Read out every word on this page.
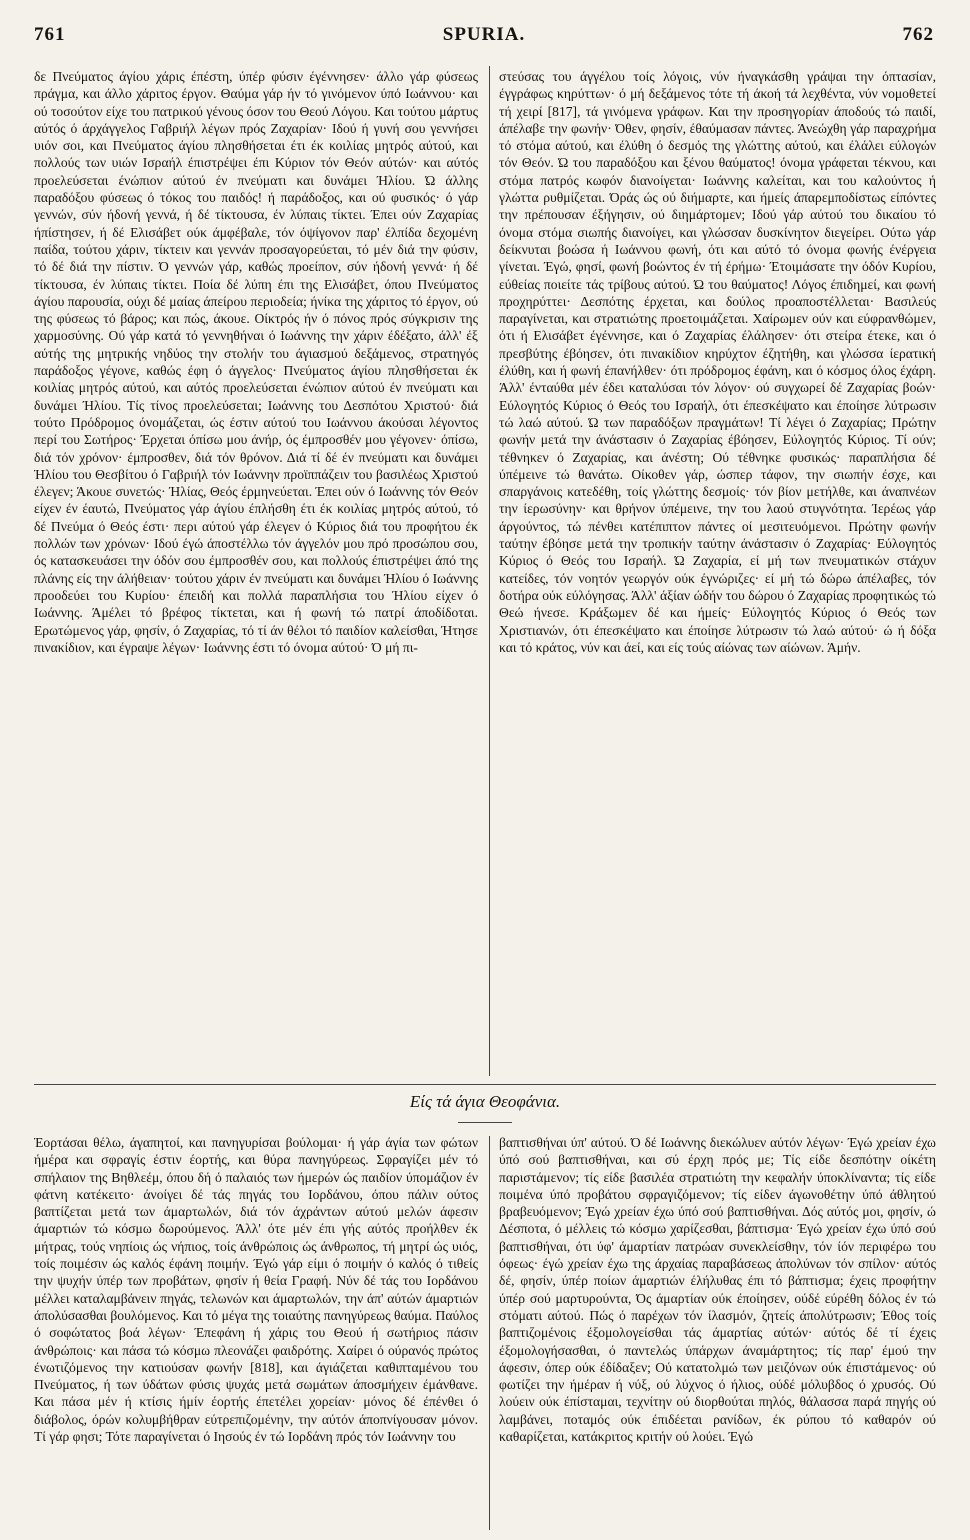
761	SPURIA.	762

δε Πνεύματος άγίου χάρις έπέστη, ύπέρ φύσιν έγέννησεν· άλλο γάρ φύσεως πράγμα, και άλλο χάριτος έργον. Θαύμα γάρ ήν τό γινόμενον ύπό Ιωάννου· και ού τοσούτον είχε του πατρικού γένους όσον του Θεού Λόγου. Και τούτου μάρτυς αύτός ό άρχάγγελος Γαβριήλ λέγων πρός Ζαχαρίαν· Ιδού ή γυνή σου γεννήσει υιόν σοι, και Πνεύματος άγίου πλησθήσεται έτι έκ κοιλίας μητρός αύτού, και πολλούς των υιών Ισραήλ έπιστρέψει έπι Κύριον τόν Θεόν αύτών· και αύτός προελεύσεται ένώπιον αύτού έν πνεύματι και δυνάμει Ήλίου. Ώ άλλης παραδόξου φύσεως ό τόκος του παιδός! ή παράδοξος, και ού φυσικός· ό γάρ γεννών, σύν ήδονή γεννά, ή δέ τίκτουσα, έν λύπαις τίκτει. Έπει ούν Ζαχαρίας ήπίστησεν, ή δέ Ελισάβετ ούκ άμφέβαλε, τόν όψίγονον παρ' έλπίδα δεχομένη παίδα, τούτου χάριν, τίκτειν και γεννάν προσαγορεύεται, τό μέν διά την φύσιν, τό δέ διά την πίστιν. Ό γεννών γάρ, καθώς προείπον, σύν ήδονή γεννά· ή δέ τίκτουσα, έν λύπαις τίκτει. Ποία δέ λύπη έπι της Ελισάβετ, όπου Πνεύματος άγίου παρουσία, ούχι δέ μαίας άπείρου περιοδεία; ήνίκα της χάριτος τό έργον, ού της φύσεως τό βάρος; και πώς, άκουε. Οίκτρός ήν ό πόνος πρός σύγκρισιν της χαρμοσύνης. Ού γάρ κατά τό γεννηθήναι ό Ιωάννης την χάριν έδέξατο, άλλ' έξ αύτής της μητρικής νηδύος την στολήν του άγιασμού δεξάμενος, στρατηγός παράδοξος γέγονε, καθώς έφη ό άγγελος· Πνεύματος άγίου πλησθήσεται έκ κοιλίας μητρός αύτού, και αύτός προελεύσεται ένώπιον αύτού έν πνεύματι και δυνάμει Ήλίου. Τίς τίνος προελεύσεται; Ιωάννης του Δεσπότου Χριστού· διά τούτο Πρόδρομος όνομάζεται, ώς έστιν αύτού του Ιωάννου άκούσαι λέγοντος περί του Σωτήρος· Έρχεται όπίσω μου άνήρ, ός έμπροσθέν μου γέγονεν· όπίσω, διά τόν χρόνον· έμπροσθεν, διά τόν θρόνον. Διά τί δέ έν πνεύματι και δυνάμει Ήλίου του Θεσβίτου ό Γαβριήλ τόν Ιωάννην προϊππάζειν του βασιλέως Χριστού έλεγεν; Άκουε συνετώς· Ήλίας, Θεός έρμηνεύεται. Έπει ούν ό Ιωάννης τόν Θεόν είχεν έν έαυτώ, Πνεύματος γάρ άγίου έπλήσθη έτι έκ κοιλίας μητρός αύτού, τό δέ Πνεύμα ό Θεός έστι· περι αύτού γάρ έλεγεν ό Κύριος διά του προφήτου έκ πολλών των χρόνων· Ιδού έγώ άποστέλλω τόν άγγελόν μου πρό προσώπου σου, ός κατασκευάσει την όδόν σου έμπροσθέν σου, και πολλούς έπιστρέψει άπό της πλάνης είς την άλήθειαν· τούτου χάριν έν πνεύματι και δυνάμει Ήλίου ό Ιωάννης προοδεύει του Κυρίου· έπειδή και πολλά παραπλήσια του Ήλίου είχεν ό Ιωάννης. Άμέλει τό βρέφος τίκτεται, και ή φωνή τώ πατρί άποδίδοται. Ερωτώμενος γάρ, φησίν, ό Ζαχαρίας, τό τί άν θέλοι τό παιδίον καλείσθαι, Ήτησε πινακίδιον, και έγραψε λέγων· Ιωάννης έστι τό όνομα αύτού· Ό μή πι-

στεύσας του άγγέλου τοίς λόγοις, νύν ήναγκάσθη γράψαι την όπτασίαν, έγγράφως κηρύττων· ό μή δεξάμενος τότε τή άκοή τά λεχθέντα, νύν νομοθετεί τή χειρί [817], τά γινόμενα γράφων. Και την προσηγορίαν άποδούς τώ παιδί, άπέλαβε την φωνήν· Όθεν, φησίν, έθαύμασαν πάντες. Άνεώχθη γάρ παραχρήμα τό στόμα αύτού, και έλύθη ό δεσμός της γλώττης αύτού, και έλάλει εύλογών τόν Θεόν. Ώ του παραδόξου και ξένου θαύματος! όνομα γράφεται τέκνου, και στόμα πατρός κωφόν διανοίγεται· Ιωάννης καλείται, και του καλούντος ή γλώττα ρυθμίζεται. Όράς ώς ού διήμαρτε, και ήμείς άπαρεμποδίστως είπόντες την πρέπουσαν έξήγησιν, ού διημάρτομεν; Ιδού γάρ αύτού του δικαίου τό όνομα στόμα σιωπής διανοίγει, και γλώσσαν δυσκίνητον διεγείρει. Ούτω γάρ δείκνυται βοώσα ή Ιωάννου φωνή, ότι και αύτό τό όνομα φωνής ένέργεια γίνεται. Έγώ, φησί, φωνή βοώντος έν τή έρήμω· Έτοιμάσατε την όδόν Κυρίου, εύθείας ποιείτε τάς τρίβους αύτού. Ώ του θαύματος! Λόγος έπιδημεί, και φωνή προχηρύττει· Δεσπότης έρχεται, και δούλος προαποστέλλεται· Βασιλεύς παραγίνεται, και στρατιώτης προετοιμάζεται. Χαίρωμεν ούν και εύφρανθώμεν, ότι ή Ελισάβετ έγέννησε, και ό Ζαχαρίας έλάλησεν· ότι στείρα έτεκε, και ό πρεσβύτης έβόησεν, ότι πινακίδιον κηρύχτον έζητήθη, και γλώσσα ίερατική έλύθη, και ή φωνή έπανήλθεν· ότι πρόδρομος έφάνη, και ό κόσμος όλος έχάρη. Άλλ' ένταύθα μέν έδει καταλύσαι τόν λόγον· ού συγχωρεί δέ Ζαχαρίας βοών· Εύλογητός Κύριος ό Θεός του Ισραήλ, ότι έπεσκέψατο και έποίησε λύτρωσιν τώ λαώ αύτού. Ώ των παραδόξων πραγμάτων! Τί λέγει ό Ζαχαρίας; Πρώτην φωνήν μετά την άνάστασιν ό Ζαχαρίας έβόησεν, Εύλογητός Κύριος. Τί ούν; τέθνηκεν ό Ζαχαρίας, και άνέστη; Ού τέθνηκε φυσικώς· παραπλήσια δέ ύπέμεινε τώ θανάτω. Οίκοθεν γάρ, ώσπερ τάφον, την σιωπήν έσχε, και σπαργάνοις κατεδέθη, τοίς γλώττης δεσμοίς· τόν βίον μετήλθε, και άναπνέων την ίερωσύνην· και θρήνον ύπέμεινε, την του λαού στυγνότητα. Ίερέως γάρ άργούντος, τώ πένθει κατέπιπτον πάντες οί μεσιτευόμενοι. Πρώτην φωνήν ταύτην έβόησε μετά την τροπικήν ταύτην άνάστασιν ό Ζαχαρίας· Εύλογητός Κύριος ό Θεός του Ισραήλ. Ώ Ζαχαρία, εί μή των πνευματικών στάχυν κατείδες, τόν νοητόν γεωργόν ούκ έγνώριζες· εί μή τώ δώρω άπέλαβες, τόν δοτήρα ούκ εύλόγησας. Άλλ' άξίαν ώδήν του δώρου ό Ζαχαρίας προφητικώς τώ Θεώ ήνεσε. Κράξωμεν δέ και ήμείς· Εύλογητός Κύριος ό Θεός των Χριστιανών, ότι έπεσκέψατο και έποίησε λύτρωσιν τώ λαώ αύτού· ώ ή δόξα και τό κράτος, νύν και άεί, και είς τούς αίώνας των αίώνων. Άμήν.

Είς τά άγια Θεοφάνια.

Έορτάσαι θέλω, άγαπητοί, και πανηγυρίσαι βούλομαι· ή γάρ άγία των φώτων ήμέρα και σφραγίς έστιν έορτής, και θύρα πανηγύρεως. Σφραγίζει μέν τό σπήλαιον της Βηθλεέμ, όπου δή ό παλαιός των ήμερών ώς παιδίον ύπομάζιον έν φάτνη κατέκειτο· άνοίγει δέ τάς πηγάς του Ιορδάνου, όπου πάλιν ούτος βαπτίζεται μετά των άμαρτωλών, διά τόν άχράντων αύτού μελών άφεσιν άμαρτιών τώ κόσμω δωρούμενος. Άλλ' ότε μέν έπι γής αύτός προήλθεν έκ μήτρας, τούς νηπίοις ώς νήπιος, τοίς άνθρώποις ώς άνθρωπος, τή μητρί ώς υιός, τοίς ποιμέσιν ώς καλός έφάνη ποιμήν. Έγώ γάρ είμι ό ποιμήν ό καλός ό τιθείς την ψυχήν ύπέρ των προβάτων, φησίν ή θεία Γραφή. Νύν δέ τάς του Ιορδάνου μέλλει καταλαμβάνειν πηγάς, τελωνών και άμαρτωλών, την άπ' αύτών άμαρτιών άπολύσασθαι βουλόμενος. Και τό μέγα της τοιαύτης πανηγύρεως θαύμα. Παύλος ό σοφώτατος βοά λέγων· Έπεφάνη ή χάρις του Θεού ή σωτήριος πάσιν άνθρώποις· και πάσα τώ κόσμω πλεονάζει φαιδρότης. Χαίρει ό ούρανός πρώτος ένωτιζόμενος την κατιούσαν φωνήν [818], και άγιάζεται καθιπταμένου του Πνεύματος, ή των ύδάτων φύσις ψυχάς μετά σωμάτων άποσμήχειν έμάνθανε. Και πάσα μέν ή κτίσις ήμίν έορτής έπετέλει χορείαν· μόνος δέ έπένθει ό διάβολος, όρών κολυμβήθραν εύτρεπιζομένην, την αύτόν άποπνίγουσαν μόνον. Τί γάρ φησι; Τότε παραγίνεται ό Ιησούς έν τώ Ιορδάνη πρός τόν Ιωάννην του

βαπτισθήναι ύπ' αύτού. Ό δέ Ιωάννης διεκώλυεν αύτόν λέγων· Έγώ χρείαν έχω ύπό σού βαπτισθήναι, και σύ έρχη πρός με; Τίς είδε δεσπότην οίκέτη παριστάμενον; τίς είδε βασιλέα στρατιώτη την κεφαλήν ύποκλίναντα; τίς είδε ποιμένα ύπό προβάτου σφραγιζόμενον; τίς είδεν άγωνοθέτην ύπό άθλητού βραβευόμενον; Έγώ χρείαν έχω ύπό σού βαπτισθήναι. Δός αύτός μοι, φησίν, ώ Δέσποτα, ό μέλλεις τώ κόσμω χαρίζεσθαι, βάπτισμα· Έγώ χρείαν έχω ύπό σού βαπτισθήναι, ότι ύφ' άμαρτίαν πατρώαν συνεκλείσθην, τόν ίόν περιφέρω του όφεως· έγώ χρείαν έχω της άρχαίας παραβάσεως άπολύνων τόν σπίλον· αύτός δέ, φησίν, ύπέρ ποίων άμαρτιών έλήλυθας έπι τό βάπτισμα; έχεις προφήτην ύπέρ σού μαρτυρούντα, Ός άμαρτίαν ούκ έποίησεν, ούδέ εύρέθη δόλος έν τώ στόματι αύτού. Πώς ό παρέχων τόν ίλασμόν, ζητείς άπολύτρωσιν; Έθος τοίς βαπτιζομένοις έξομολογείσθαι τάς άμαρτίας αύτών· αύτός δέ τί έχεις έξομολογήσασθαι, ό παντελώς ύπάρχων άναμάρτητος; τίς παρ' έμού την άφεσιν, όπερ ούκ έδίδαξεν; Ού κατατολμώ των μειζόνων ούκ έπιστάμενος· ού φωτίζει την ήμέραν ή νύξ, ού λύχνος ό ήλιος, ούδέ μόλυβδος ό χρυσός. Ού λούειν ούκ έπίσταμαι, τεχνίτην ού διορθούται πηλός, θάλασσα παρά πηγής ού λαμβάνει, ποταμός ούκ έπιδέεται ρανίδων, έκ ρύπου τό καθαρόν ού καθαρίζεται, κατάκριτος κριτήν ού λούει. Έγώ
